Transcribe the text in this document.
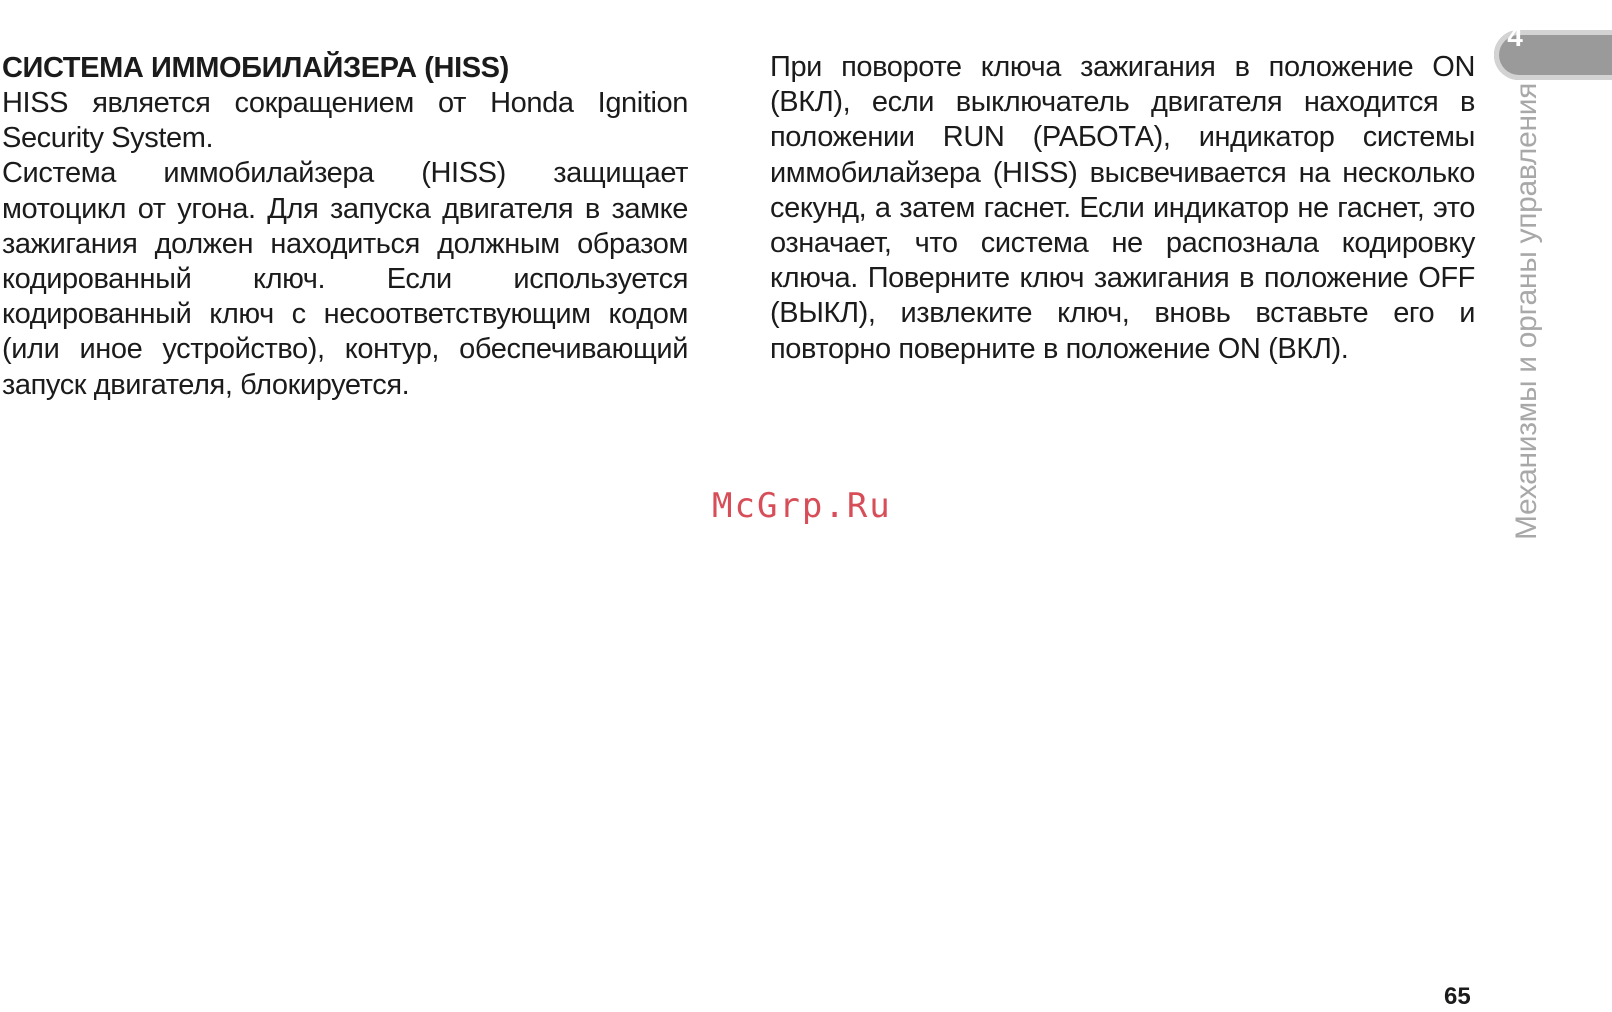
СИСТЕМА ИММОБИЛАЙЗЕРА (HISS)

HISS является сокращением от Honda Ignition Security System.

Система иммобилайзера (HISS) защищает мотоцикл от угона. Для запуска двигателя в замке зажигания должен находиться должным образом кодированный ключ. Если используется кодированный ключ с несоответствующим кодом (или иное устройство), контур, обеспечивающий запуск двигателя, блокируется.

При повороте ключа зажигания в положение ON (ВКЛ), если выключатель двигателя находится в положении RUN (РАБОТА), индикатор системы иммобилайзера (HISS) высвечивается на несколько секунд, а затем гаснет. Если индикатор не гаснет, это означает, что система не распознала кодировку ключа. Поверните ключ зажигания в положение OFF (ВЫКЛ), извлеките ключ, вновь вставьте его и повторно поверните в положение ON (ВКЛ).

McGrp.Ru
4
Механизмы и органы управления
65
